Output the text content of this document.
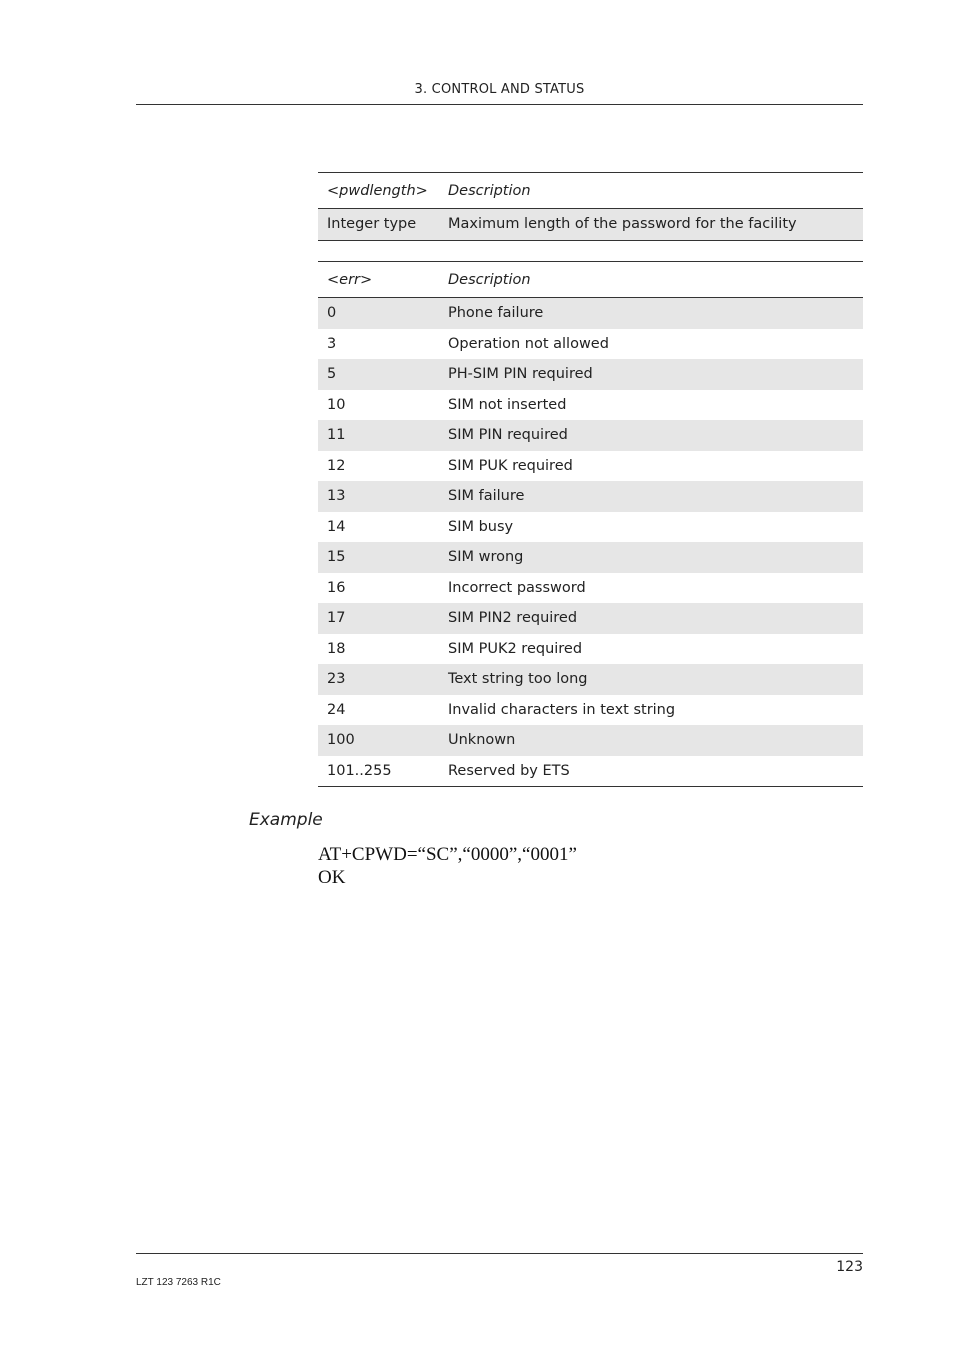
3. CONTROL AND STATUS
<pwdlength>	Description
Integer type	Maximum length of the password for the facility
<err>	Description
0	Phone failure
3	Operation not allowed
5	PH-SIM PIN required
10	SIM not inserted
11	SIM PIN required
12	SIM PUK required
13	SIM failure
14	SIM busy
15	SIM wrong
16	Incorrect password
17	SIM PIN2 required
18	SIM PUK2 required
23	Text string too long
24	Invalid characters in text string
100	Unknown
101..255	Reserved by ETS
Example
AT+CPWD=“SC”,“0000”,“0001”
OK
123
LZT 123 7263 R1C
